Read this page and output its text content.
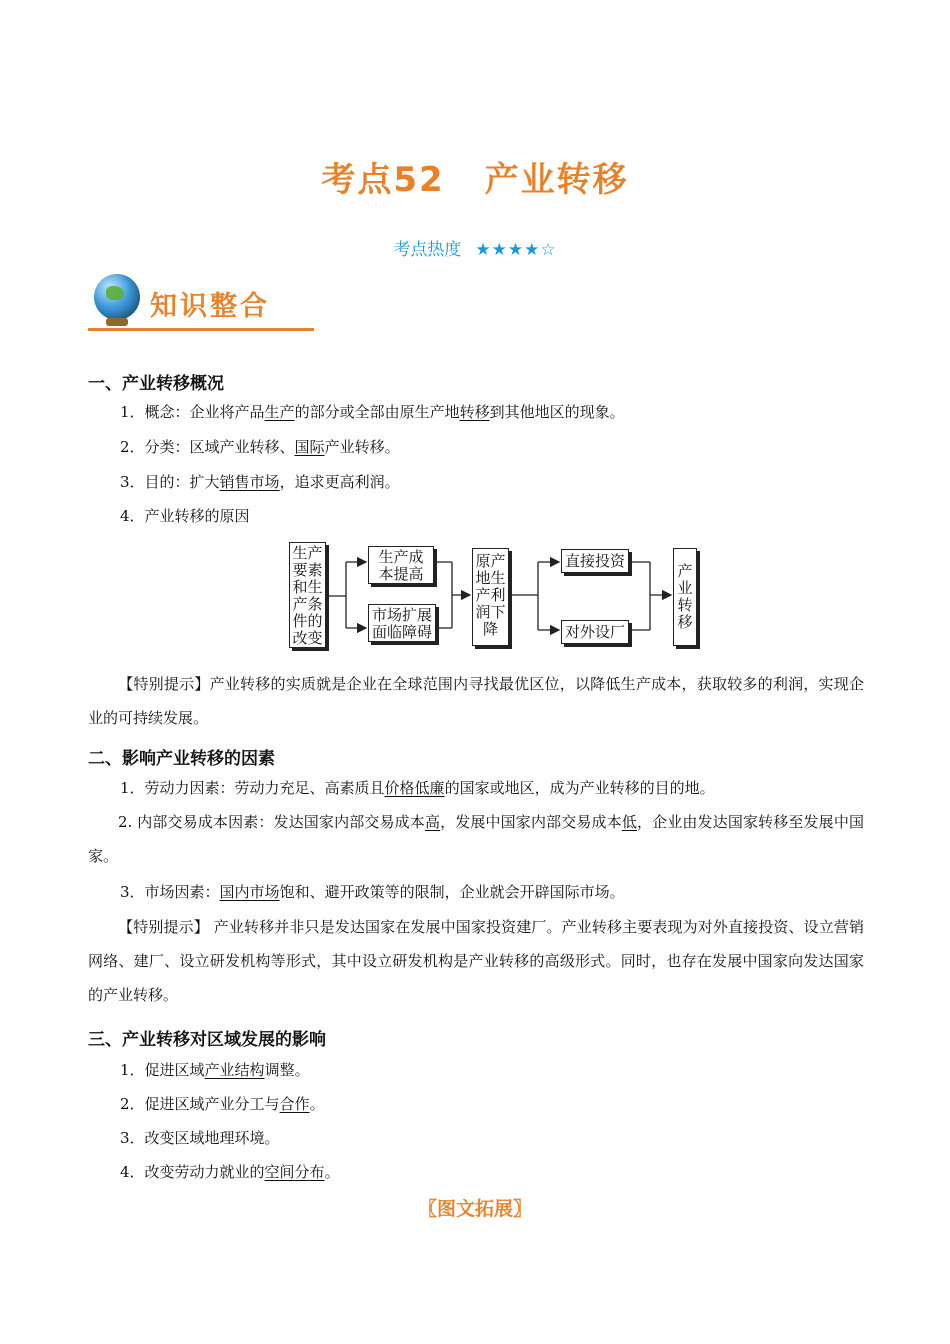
考点52 产业转移
考点热度 ★★★★☆
知识整合
一、产业转移概况
1．概念：企业将产品生产的部分或全部由原生产地转移到其他地区的现象。
2．分类：区域产业转移、国际产业转移。
3．目的：扩大销售市场，追求更高利润。
4．产业转移的原因
生产
要素
和生
产条
件的
改变
生产成
本提高
市场扩展
面临障碍
原产
地生
产利
润下
降
直接投资
对外设厂
产
业
转
移
【特别提示】产业转移的实质就是企业在全球范围内寻找最优区位，以降低生产成本，获取较多的利润，实现企业的可持续发展。
二、影响产业转移的因素
1．劳动力因素：劳动力充足、高素质且价格低廉的国家或地区，成为产业转移的目的地。
2. 内部交易成本因素：发达国家内部交易成本高，发展中国家内部交易成本低，企业由发达国家转移至发展中国家。
3．市场因素：国内市场饱和、避开政策等的限制，企业就会开辟国际市场。
【特别提示】 产业转移并非只是发达国家在发展中国家投资建厂。产业转移主要表现为对外直接投资、设立营销网络、建厂、设立研发机构等形式，其中设立研发机构是产业转移的高级形式。同时，也存在发展中国家向发达国家的产业转移。
三、产业转移对区域发展的影响
1．促进区域产业结构调整。
2．促进区域产业分工与合作。
3．改变区域地理环境。
4．改变劳动力就业的空间分布。
〖图文拓展〗
